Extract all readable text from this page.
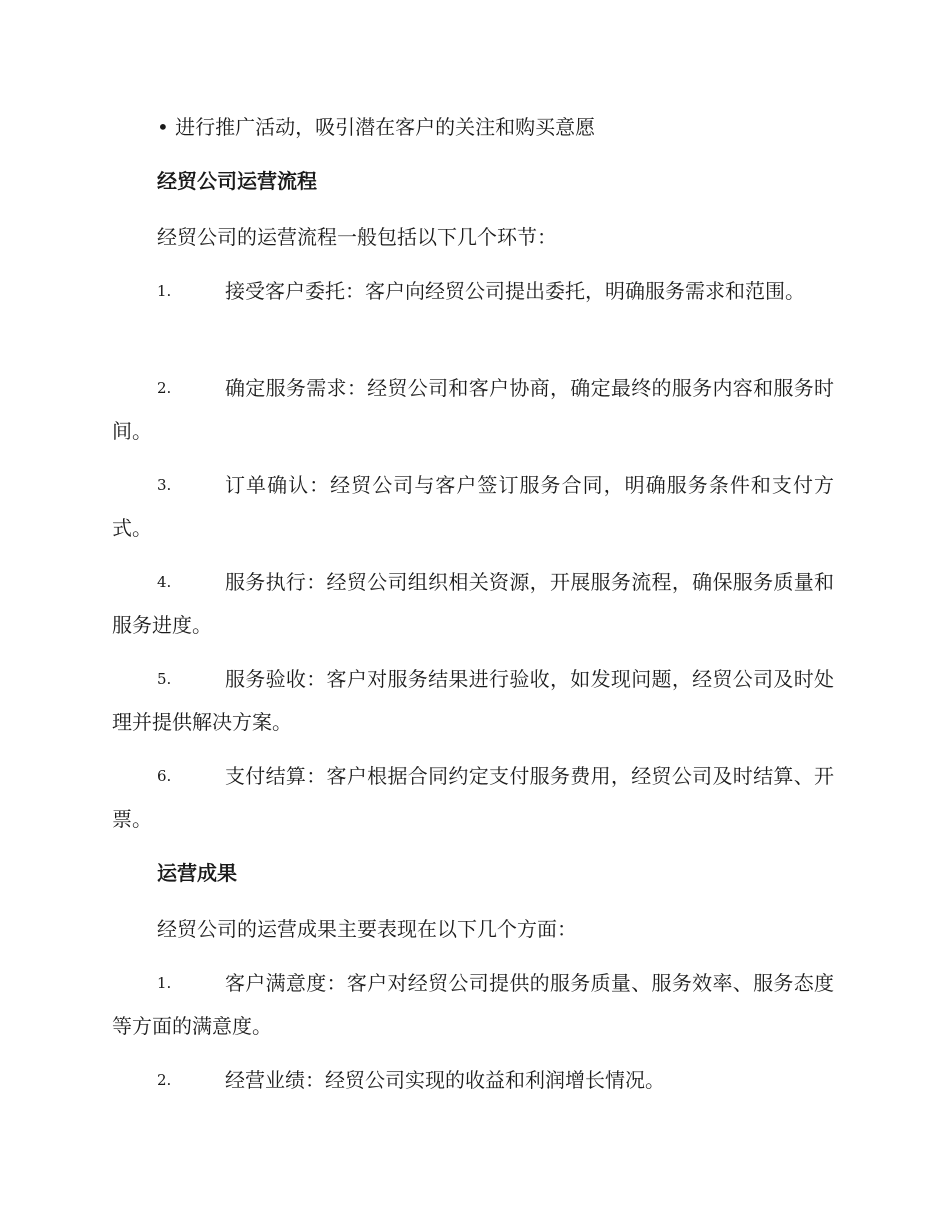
• 进行推广活动，吸引潜在客户的关注和购买意愿
经贸公司运营流程
经贸公司的运营流程一般包括以下几个环节：
1.	接受客户委托：客户向经贸公司提出委托，明确服务需求和范围。
2.	确定服务需求：经贸公司和客户协商，确定最终的服务内容和服务时间。
3.	订单确认：经贸公司与客户签订服务合同，明确服务条件和支付方式。
4.	服务执行：经贸公司组织相关资源，开展服务流程，确保服务质量和服务进度。
5.	服务验收：客户对服务结果进行验收，如发现问题，经贸公司及时处理并提供解决方案。
6.	支付结算：客户根据合同约定支付服务费用，经贸公司及时结算、开票。
运营成果
经贸公司的运营成果主要表现在以下几个方面：
1.	客户满意度：客户对经贸公司提供的服务质量、服务效率、服务态度等方面的满意度。
2.	经营业绩：经贸公司实现的收益和利润增长情况。
